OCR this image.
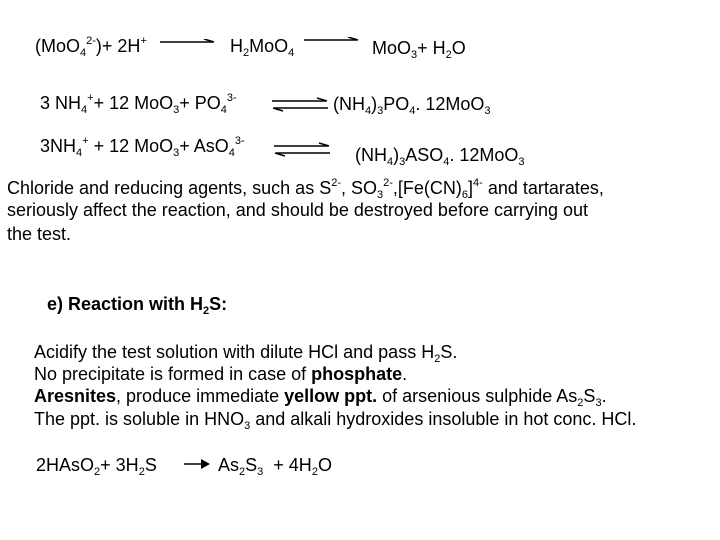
(MoO$_4^{2-}$)+ 2H+	$H_2MoO_4$	$MoO_3+ H_2O$
3 $NH_4^++ 12$ $MoO_3+ PO_4^{3-}$	$(NH_4)_3PO_4$. 12MoO$_3$
$3NH_4^+ + 12$ MoO$_3$+ AsO$_4^{3-}$
$(NH_4)_3ASO_4$. 12MoO$_3$
Chloride and reducing agents, such as $S^{2-}$, $SO_3^{2-},[Fe(CN)_6]^{4-}$ and tartarates,
seriously affect the reaction, and should be destroyed before carrying out
the test.
e) Reaction with $H_2S$:
Acidify the test solution with dilute HCl and pass $H_2S$.
No precipitate is formed in case of phosphate.
Aresnites, produce immediate yellow ppt. of arsenious sulphide $As_2S_3$.
The ppt. is soluble in $HNO_3$ and alkali hydroxides insoluble in hot conc. HCl.
2HAsO$_2$+ $3H_2S$	$As_2S_3 + 4H_2O$
